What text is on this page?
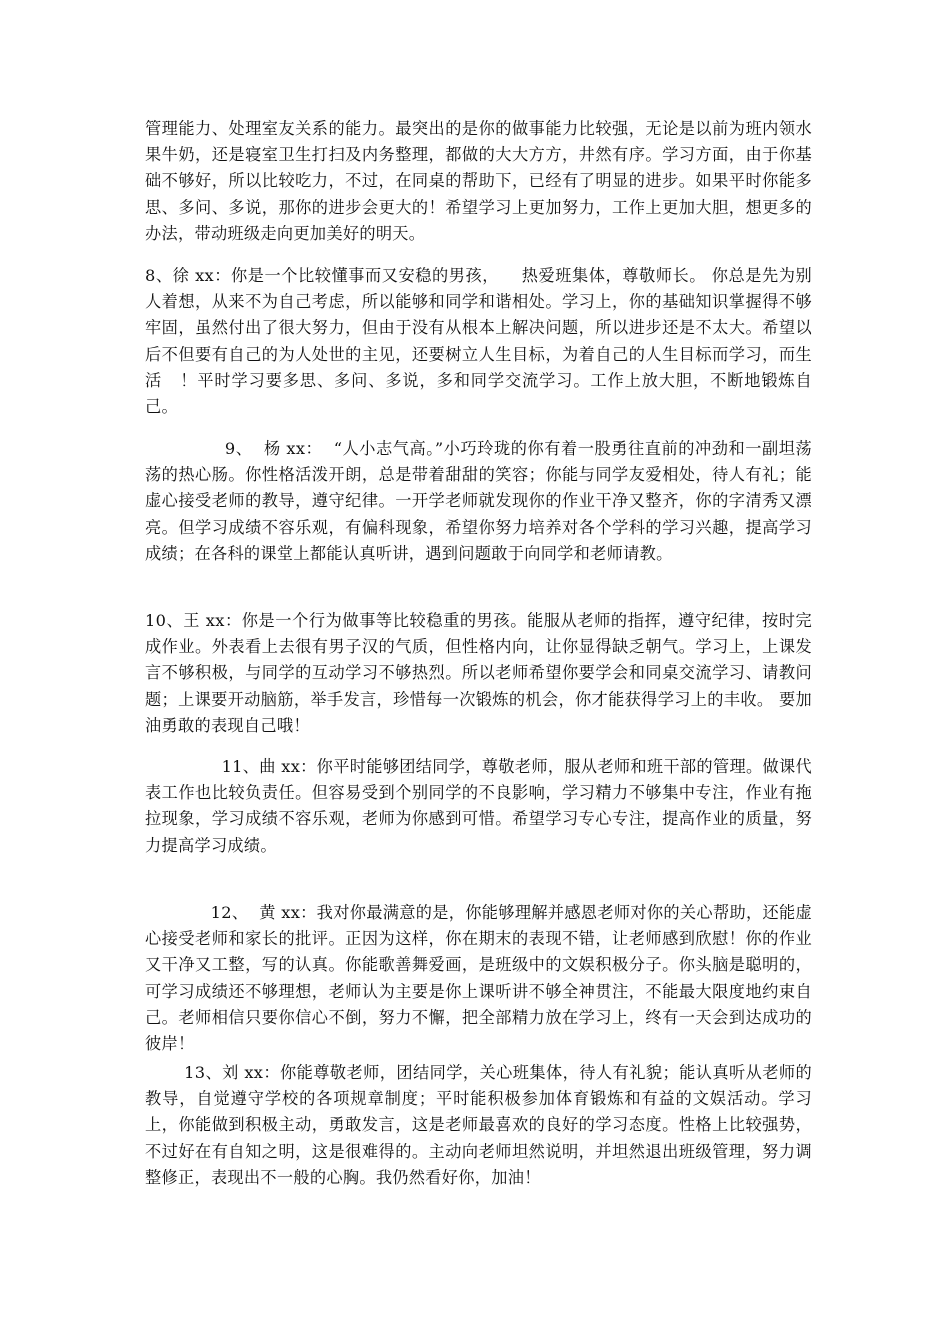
管理能力、处理室友关系的能力。最突出的是你的做事能力比较强，无论是以前为班内领水果牛奶，还是寝室卫生打扫及内务整理，都做的大大方方，井然有序。学习方面，由于你基础不够好，所以比较吃力，不过，在同桌的帮助下，已经有了明显的进步。如果平时你能多思、多问、多说，那你的进步会更大的！希望学习上更加努力，工作上更加大胆，想更多的办法，带动班级走向更加美好的明天。

8、徐 xx：你是一个比较懂事而又安稳的男孩，    热爱班集体，尊敬师长。 你总是先为别人着想，从来不为自己考虑，所以能够和同学和谐相处。学习上，你的基础知识掌握得不够牢固，虽然付出了很大努力，但由于没有从根本上解决问题，所以进步还是不太大。希望以后不但要有自己的为人处世的主见，还要树立人生目标，为着自己的人生目标而学习，而生活   ！平时学习要多思、多问、多说，多和同学交流学习。工作上放大胆，不断地锻炼自己。

9、  杨 xx：  “人小志气高。”小巧玲珑的你有着一股勇往直前的冲劲和一副坦荡荡的热心肠。你性格活泼开朗，总是带着甜甜的笑容；你能与同学友爱相处，待人有礼；能虚心接受老师的教导，遵守纪律。一开学老师就发现你的作业干净又整齐，你的字清秀又漂亮。但学习成绩不容乐观，有偏科现象，希望你努力培养对各个学科的学习兴趣，提高学习成绩；在各科的课堂上都能认真听讲，遇到问题敢于向同学和老师请教。

10、王 xx：你是一个行为做事等比较稳重的男孩。能服从老师的指挥，遵守纪律，按时完成作业。外表看上去很有男子汉的气质，但性格内向，让你显得缺乏朝气。学习上，上课发言不够积极，与同学的互动学习不够热烈。所以老师希望你要学会和同桌交流学习、请教问题；上课要开动脑筋，举手发言，珍惜每一次锻炼的机会，你才能获得学习上的丰收。 要加油勇敢的表现自己哦！

11、曲 xx：你平时能够团结同学，尊敬老师，服从老师和班干部的管理。做课代表工作也比较负责任。但容易受到个别同学的不良影响，学习精力不够集中专注，作业有拖拉现象，学习成绩不容乐观，老师为你感到可惜。希望学习专心专注，提高作业的质量，努力提高学习成绩。

12、  黄 xx：我对你最满意的是，你能够理解并感恩老师对你的关心帮助，还能虚心接受老师和家长的批评。正因为这样，你在期末的表现不错，让老师感到欣慰！你的作业又干净又工整，写的认真。你能歌善舞爱画，是班级中的文娱积极分子。你头脑是聪明的，可学习成绩还不够理想，老师认为主要是你上课听讲不够全神贯注，不能最大限度地约束自己。老师相信只要你信心不倒，努力不懈，把全部精力放在学习上，终有一天会到达成功的彼岸！

13、刘 xx：你能尊敬老师，团结同学，关心班集体，待人有礼貌；能认真听从老师的教导，自觉遵守学校的各项规章制度；平时能积极参加体育锻炼和有益的文娱活动。学习上，你能做到积极主动，勇敢发言，这是老师最喜欢的良好的学习态度。性格上比较强势，不过好在有自知之明，这是很难得的。主动向老师坦然说明，并坦然退出班级管理，努力调整修正，表现出不一般的心胸。我仍然看好你，加油！
